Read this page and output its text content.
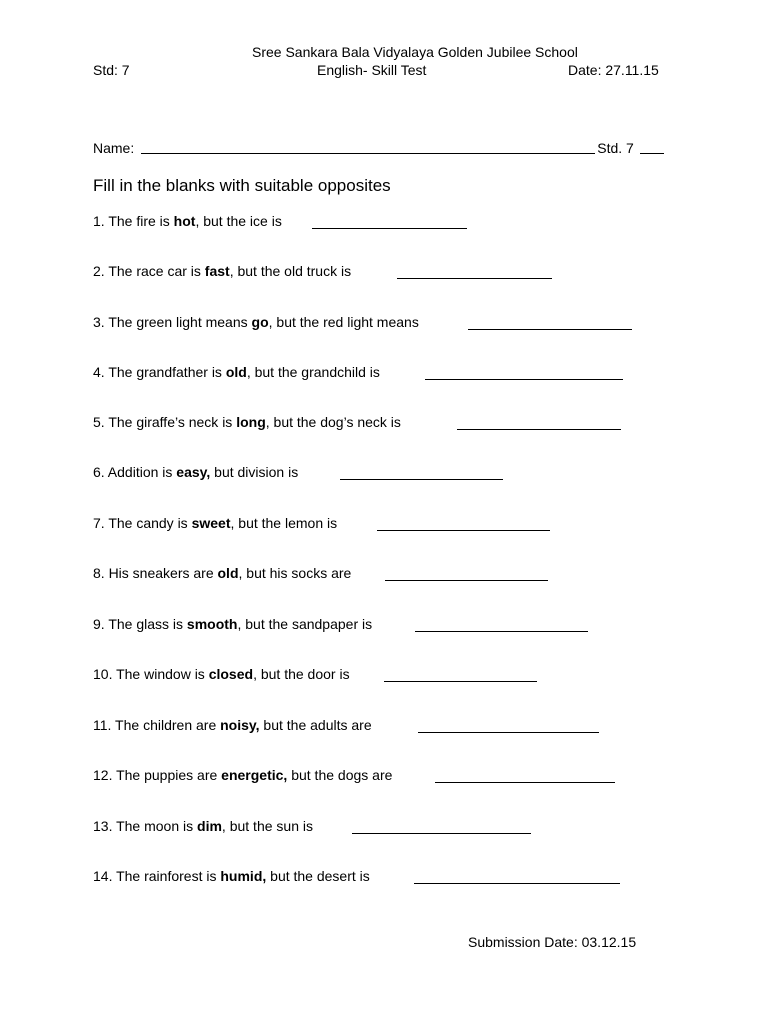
Sree Sankara Bala Vidyalaya Golden Jubilee School
Std: 7	English- Skill Test	Date: 27.11.15
Name:	Std. 7
Fill in the blanks with suitable opposites
1. The fire is hot , but the ice is
2. The race car is fast , but the old truck is
3. The green light means go , but the red light means
4. The grandfather is old , but the grandchild is
5. The giraffe’s neck is long , but the dog’s neck is
6. Addition is easy, but division is
7. The candy is sweet , but the lemon is
8. His sneakers are old , but his socks are
9. The glass is smooth , but the sandpaper is
10. The window is closed , but the door is
11. The children are noisy, but the adults are
12. The puppies are energetic, but the dogs are
13. The moon is dim , but the sun is
14. The rainforest is humid, but the desert is
Submission Date: 03.12.15
